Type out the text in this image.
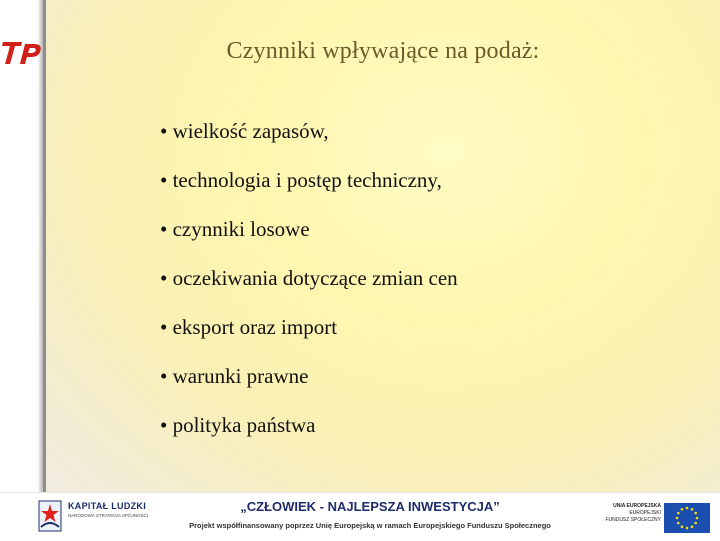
Czynniki wpływające na podaż:
• wielkość zapasów,
• technologia i postęp techniczny,
• czynniki losowe
• oczekiwania dotyczące zmian cen
• eksport oraz import
• warunki prawne
• polityka państwa
KAPITAŁ LUDZKI
NARODOWA STRATEGIA SPÓJNOŚCI
„CZŁOWIEK - NAJLEPSZA INWESTYCJA”
Projekt współfinansowany poprzez Unię Europejską w ramach Europejskiego Funduszu Społecznego
UNIA EUROPEJSKA
EUROPEJSKI
FUNDUSZ SPOŁECZNY
